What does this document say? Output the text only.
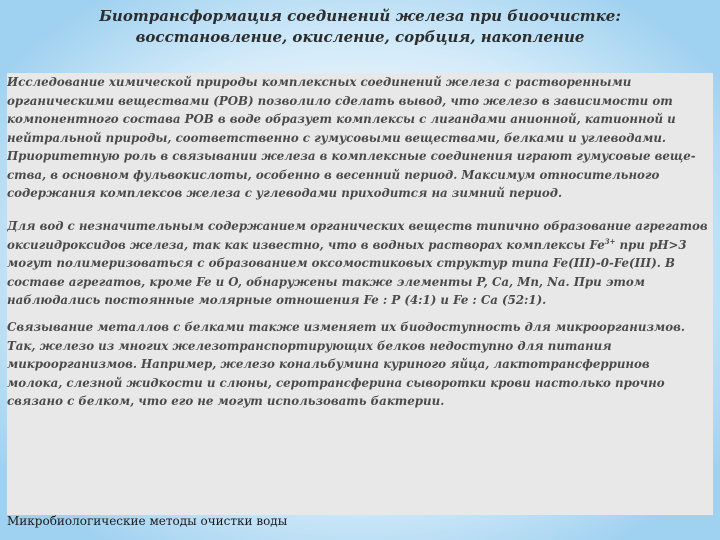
Биотрансформация соединений железа при биоочистке:
восстановление, окисление, сорбция, накопление
Исследование химической природы комплексных соединений железа с растворенными
органическими веществами (РОВ) позволило сделать вывод, что железо в зависимости от
компонентного состава РОВ в воде образует комплексы с лигандами анионной, катионной и
нейтральной природы, соответственно с гумусовыми веществами, белками и углеводами.
Приоритетную роль в связывании железа в комплексные соединения играют гумусовые веще-
ства, в основном фульвокислоты, особенно в весенний период. Максимум относительного
содержания комплексов железа с углеводами приходится на зимний период.
Для вод с незначительным содержанием органических веществ типично образование агрегатов
оксигидроксидов железа, так как известно, что в водных растворах комплексы $Fe^{3+}$ при pH>3
могут полимеризоваться с образованием оксомостиковых структур типа Fe(III)-0-Fe(III). В
составе агрегатов, кроме Fe и O, обнаружены также элементы P, Ca, Mn, Na. При этом
наблюдались постоянные молярные отношения Fe : P (4:1) и Fe : Ca (52:1).
Связывание металлов с белками также изменяет их биодоступность для микроорганизмов.
Так, железо из многих железотранспортирующих белков недоступно для питания
микроорганизмов. Например, железо кональбумина куриного яйца, лактотрансферринов
молока, слезной жидкости и слюны, серотрансферина сыворотки крови настолько прочно
связано с белком, что его не могут использовать бактерии.
Микробиологические методы очистки воды
